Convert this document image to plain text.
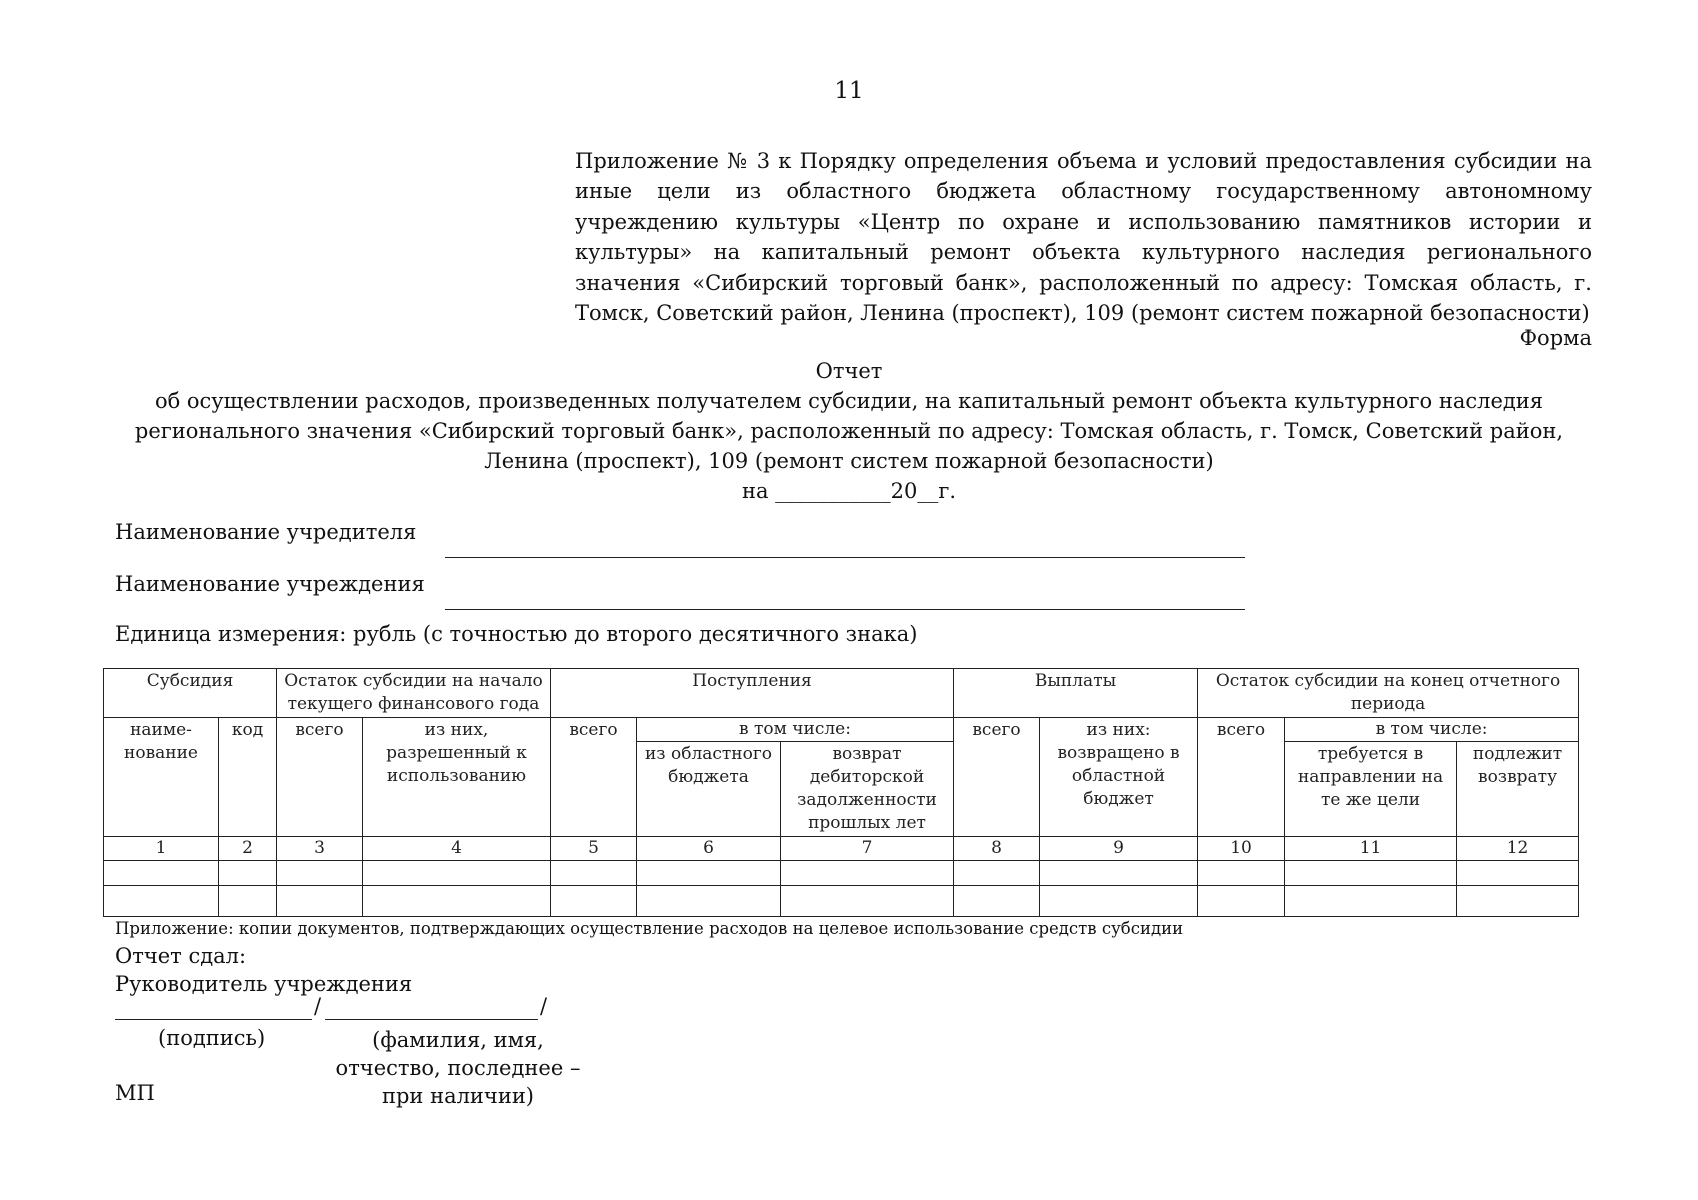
11
Приложение № 3 к Порядку определения объема и условий предоставления субсидии на иные цели из областного бюджета областному государственному автономному учреждению культуры «Центр по охране и использованию памятников истории и культуры» на капитальный ремонт объекта культурного наследия регионального значения «Сибирский торговый банк», расположенный по адресу: Томская область, г. Томск, Советский район, Ленина (проспект), 109 (ремонт систем пожарной безопасности)
Форма
Отчет
об осуществлении расходов, произведенных получателем субсидии, на капитальный ремонт объекта культурного наследия
регионального значения «Сибирский торговый банк», расположенный по адресу: Томская область, г. Томск, Советский район,
Ленина (проспект), 109 (ремонт систем пожарной безопасности)
на ___________20__г.
Наименование учредителя
Наименование учреждения
Единица измерения: рубль (с точностью до второго десятичного знака)
Субсидия		Остаток субсидии на начало текущего финансового года		Поступления			Выплаты		Остаток субсидии на конец отчетного периода		
наиме-нование	код	всего	из них, разрешенный к использованию	всего	в том числе:		всего	из них: возвращено в областной бюджет	всего	в том числе:	
					из областного бюджета	возврат дебиторской задолженности прошлых лет				требуется в направлении на те же цели	подлежит возврату
1	2	3	4	5	6	7	8	9	10	11	12

Приложение: копии документов, подтверждающих осуществление расходов на целевое использование средств субсидии
Отчет сдал:
Руководитель учреждения
/	/
(подпись)	(фамилия, имя, отчество, последнее – при наличии)
МП
